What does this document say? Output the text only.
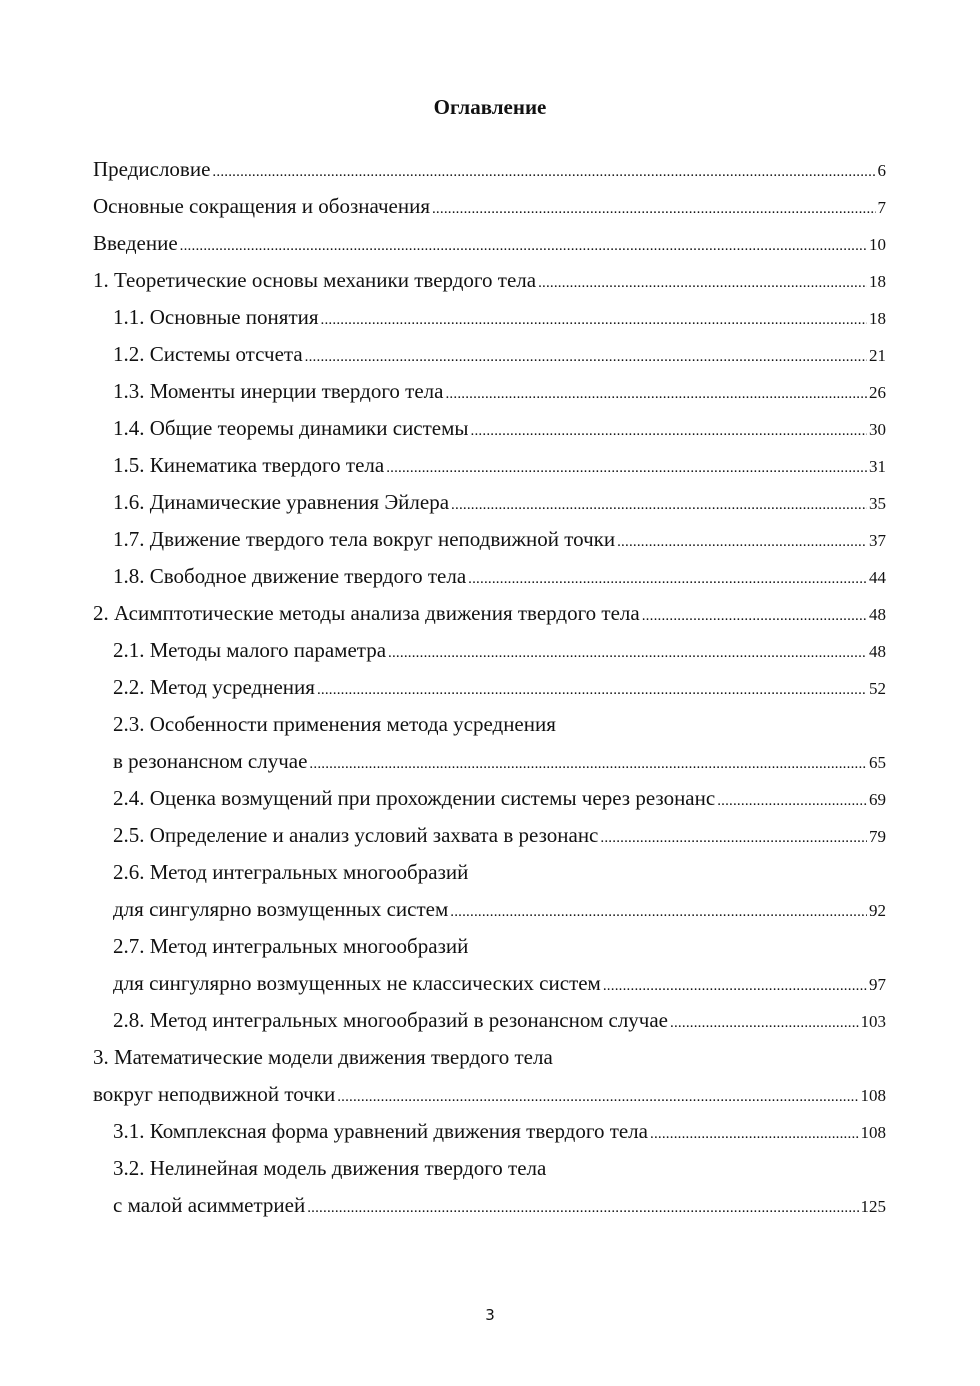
Оглавление
Предисловие .....	6
Основные сокращения и обозначения .....	7
Введение .....	10
1. Теоретические основы механики твердого тела .....	18
1.1. Основные понятия .....	18
1.2. Системы отсчета .....	21
1.3. Моменты инерции твердого тела .....	26
1.4. Общие теоремы динамики системы .....	30
1.5. Кинематика твердого тела .....	31
1.6. Динамические уравнения Эйлера .....	35
1.7. Движение твердого тела вокруг неподвижной точки .....	37
1.8. Свободное движение твердого тела .....	44
2. Асимптотические методы анализа движения твердого тела .....	48
2.1. Методы малого параметра .....	48
2.2. Метод усреднения .....	52
2.3. Особенности применения метода усреднения
в резонансном случае .....	65
2.4. Оценка возмущений при прохождении системы через резонанс .....	69
2.5. Определение и анализ условий захвата в резонанс .....	79
2.6. Метод интегральных многообразий
для сингулярно возмущенных систем .....	92
2.7. Метод интегральных многообразий
для сингулярно возмущенных не классических систем .....	97
2.8. Метод интегральных многообразий в резонансном случае .....	103
3. Математические модели движения твердого тела
вокруг неподвижной точки .....	108
3.1. Комплексная форма уравнений движения твердого тела .....	108
3.2. Нелинейная модель движения твердого тела
с малой асимметрией .....	125
3
